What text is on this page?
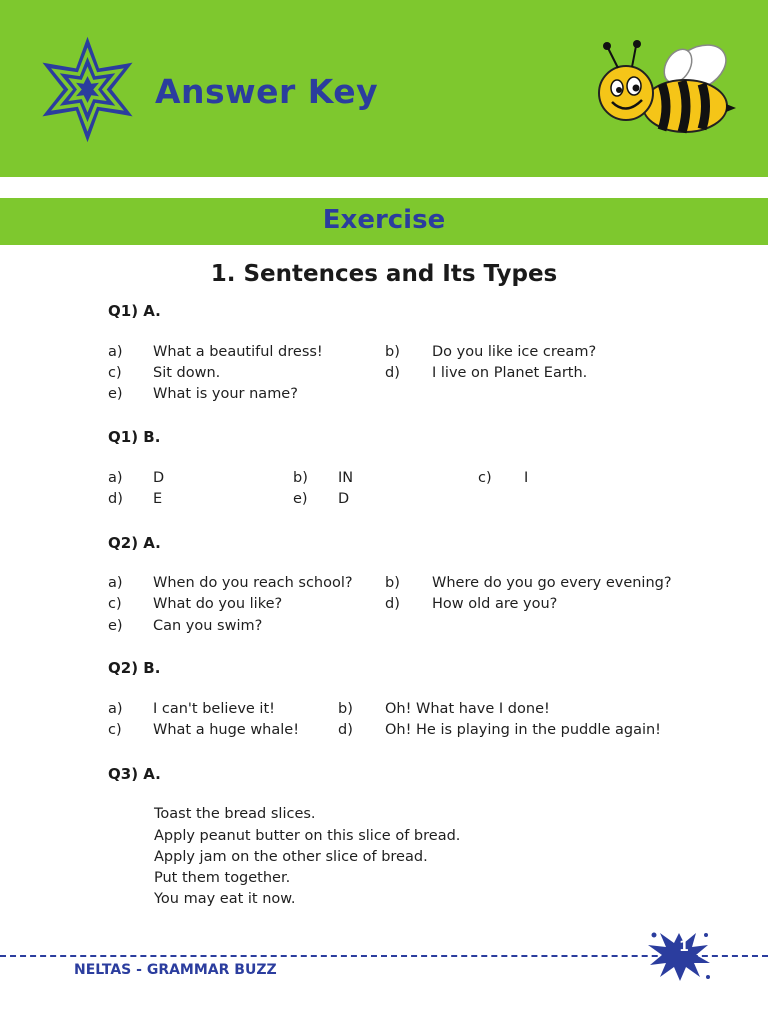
Answer Key
Exercise
1. Sentences and Its Types
Q1) A.
a) What a beautiful dress!	b) Do you like ice cream?
c) Sit down.	d) I live on Planet Earth.
e) What is your name?
Q1) B.
a) D	b) IN	c) I
d) E	e) D
Q2) A.
a) When do you reach school? b) Where do you go every evening?
c) What do you like?	d) How old are you?
e) Can you swim?
Q2) B.
a) I can't believe it!	b) Oh! What have I done!
c) What a huge whale!	d) Oh! He is playing in the puddle again!
Q3) A.
Toast the bread slices.
Apply peanut butter on this slice of bread.
Apply jam on the other slice of bread.
Put them together.
You may eat it now.
NELTAS - GRAMMAR BUZZ
1
